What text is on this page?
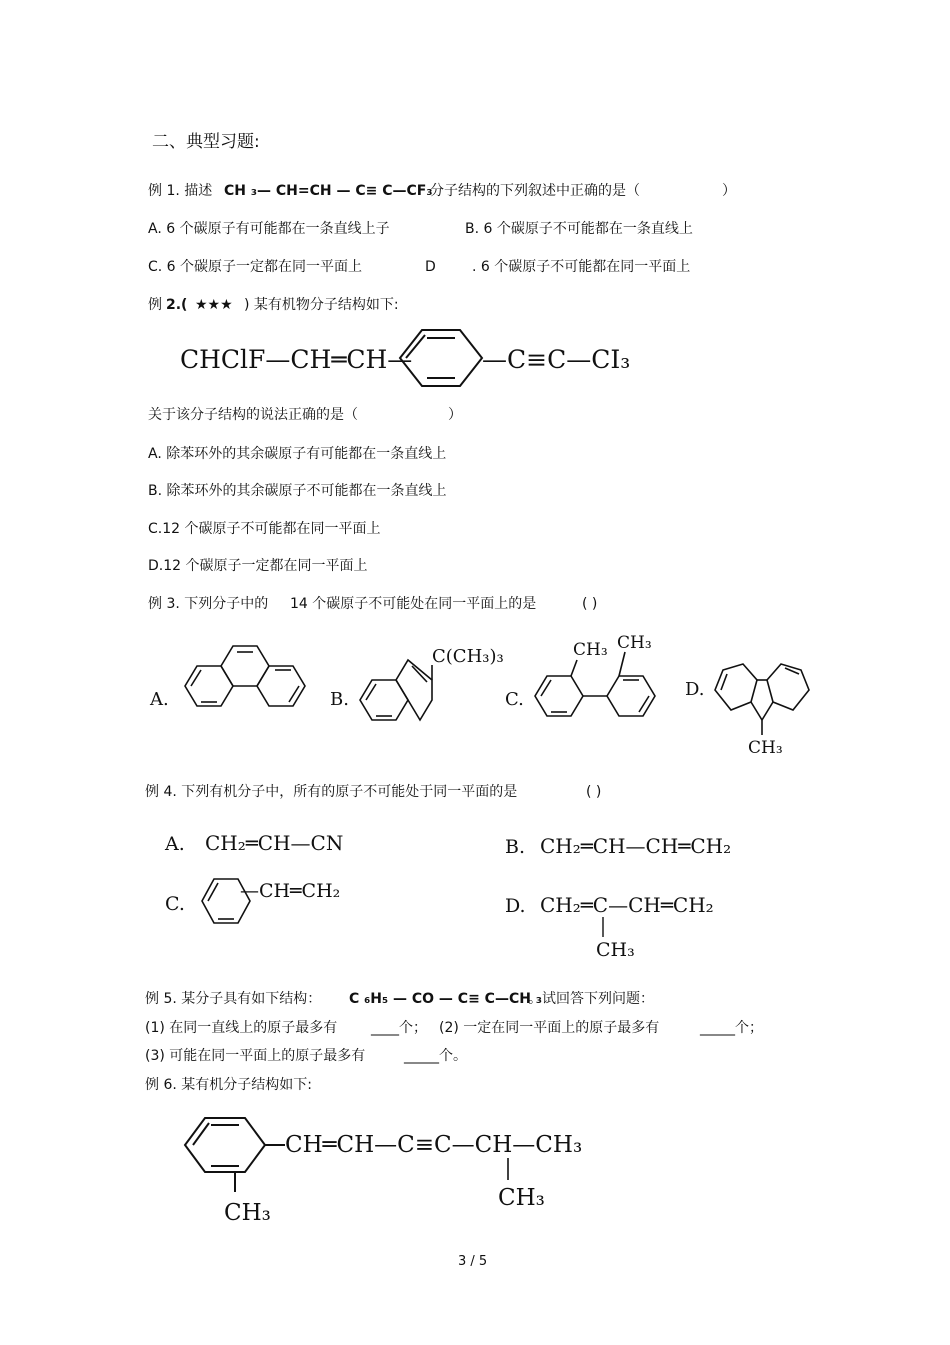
二、典型习题:
例 1. 描述 CH ₃— CH=CH — C≡ C—CF₃
分子结构的下列叙述中正确的是（	）
A. 6 个碳原子有可能都在一条直线上子	B. 6 个碳原子不可能都在一条直线上
C. 6 个碳原子一定都在同一平面上	D	. 6 个碳原子不可能都在同一平面上
例 2.( ★★★ ) 某有机物分子结构如下:
CHClF—CH═CH—	—C≡C—CI₃
关于该分子结构的说法正确的是（	）
A. 除苯环外的其余碳原子有可能都在一条直线上
B. 除苯环外的其余碳原子不可能都在一条直线上
C.12 个碳原子不可能都在同一平面上
D.12 个碳原子一定都在同一平面上
例 3. 下列分子中的 14 个碳原子不可能处在同一平面上的是	( )
A.	B.
C(CH₃)₃
C.
CH₃ CH₃
D.
CH₃
例 4. 下列有机分子中，所有的原子不可能处于同一平面的是	( )
A. CH₂═CH—CN	B. CH₂═CH—CH═CH₂
C.
—CH═CH₂
D. CH₂═C—CH═CH₂
CH₃
例 5. 某分子具有如下结构： C ₆H₅ — CO — C≡ C—CH ₃
。试回答下列问题：
(1) 在同一直线上的原子最多有 ____个； (2) 一定在同一平面上的原子最多有	_____个；
(3) 可能在同一平面上的原子最多有	_____个。
例 6. 某有机分子结构如下:
CH═CH—C≡C—CH—CH₃
CH₃
CH₃
3 / 5
